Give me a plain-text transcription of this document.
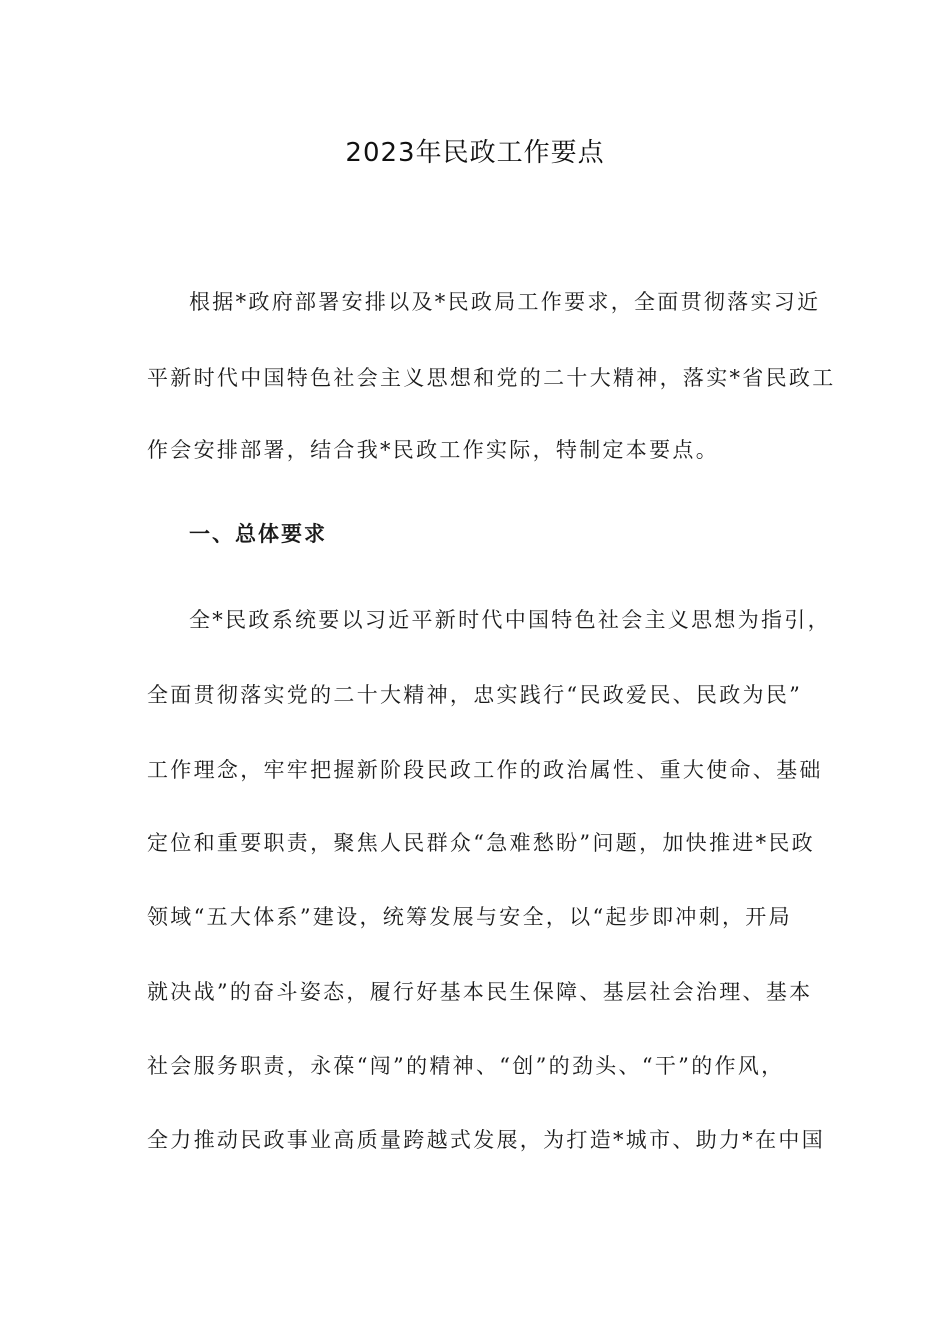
2023年民政工作要点
根据*政府部署安排以及*民政局工作要求，全面贯彻落实习近
平新时代中国特色社会主义思想和党的二十大精神，落实*省民政工
作会安排部署，结合我*民政工作实际，特制定本要点。
一、总体要求
全*民政系统要以习近平新时代中国特色社会主义思想为指引，
全面贯彻落实党的二十大精神，忠实践行“民政爱民、民政为民”
工作理念，牢牢把握新阶段民政工作的政治属性、重大使命、基础
定位和重要职责，聚焦人民群众“急难愁盼”问题，加快推进*民政
领域“五大体系”建设，统筹发展与安全，以“起步即冲刺，开局
就决战”的奋斗姿态，履行好基本民生保障、基层社会治理、基本
社会服务职责，永葆“闯”的精神、“创”的劲头、“干”的作风，
全力推动民政事业高质量跨越式发展，为打造*城市、助力*在中国
